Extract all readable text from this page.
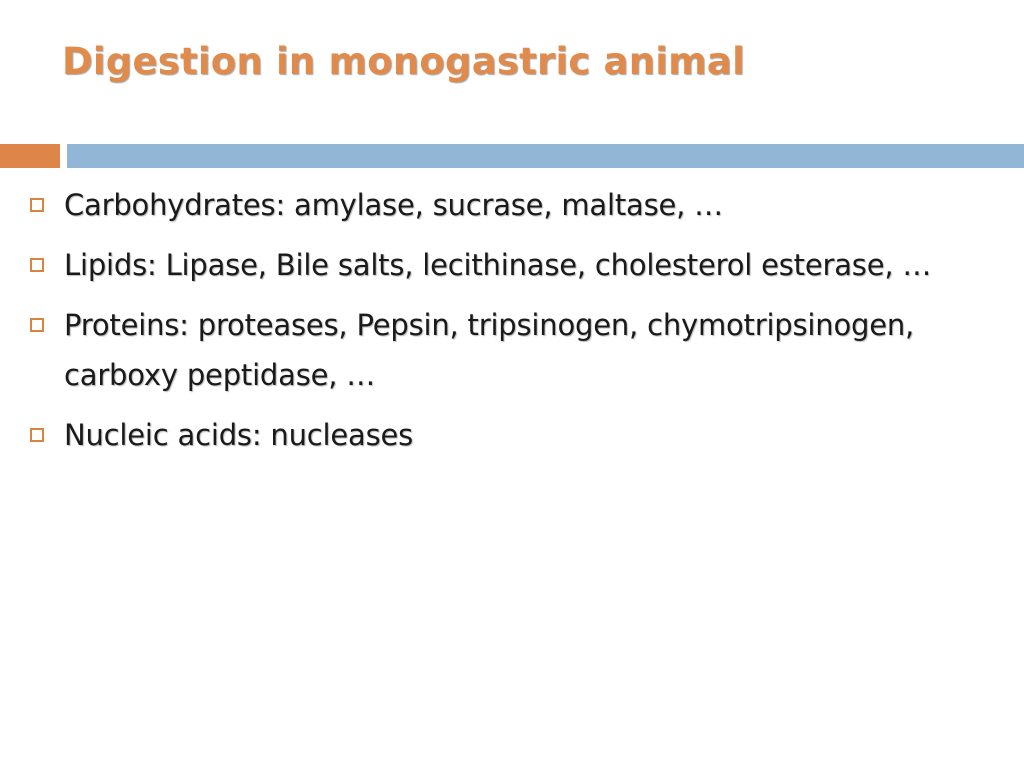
Digestion in monogastric animal
Carbohydrates: amylase, sucrase, maltase, …
Lipids: Lipase, Bile salts, lecithinase, cholesterol esterase, …
Proteins: proteases, Pepsin, tripsinogen, chymotripsinogen, carboxy peptidase, …
Nucleic acids: nucleases
